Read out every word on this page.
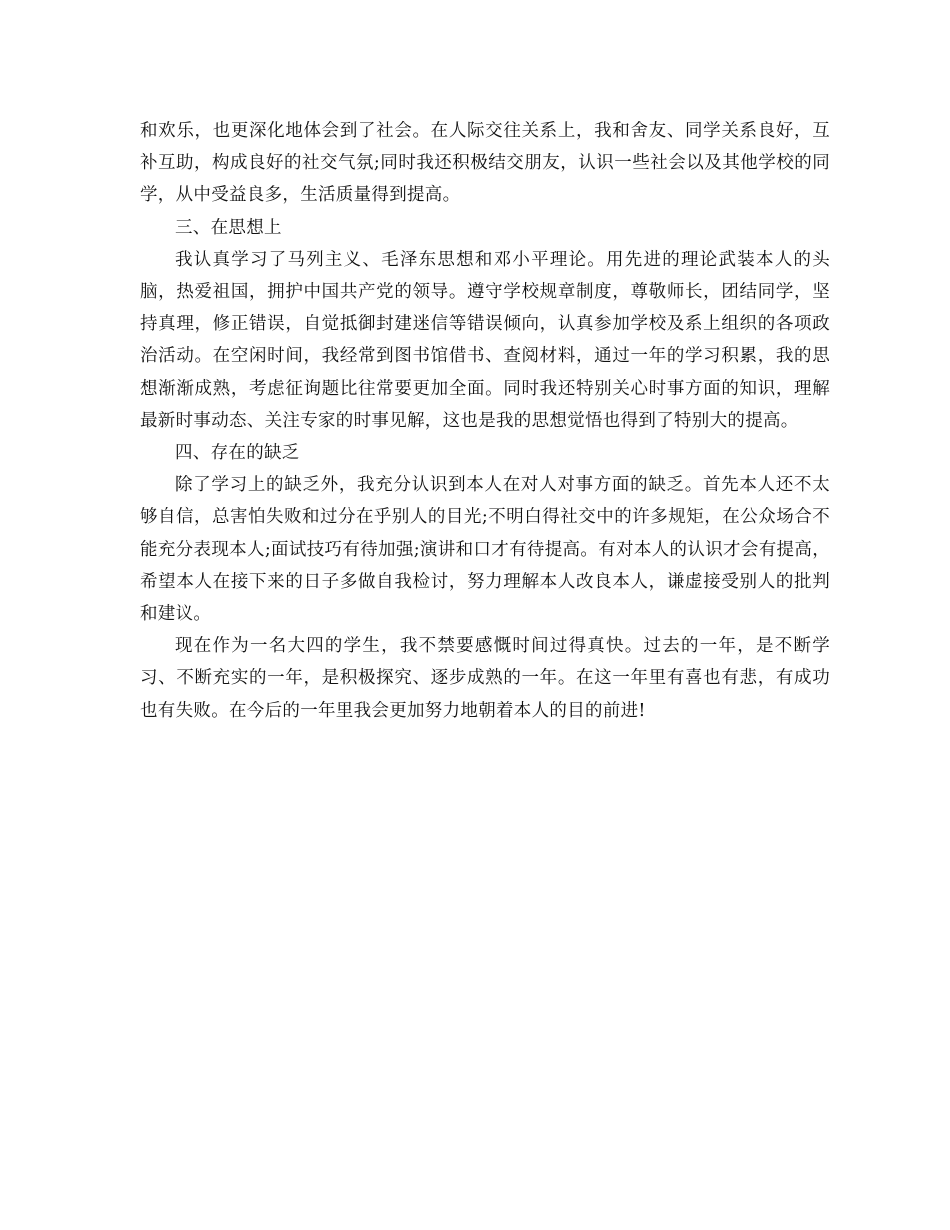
和欢乐，也更深化地体会到了社会。在人际交往关系上，我和舍友、同学关系良好，互补互助，构成良好的社交气氛;同时我还积极结交朋友，认识一些社会以及其他学校的同学，从中受益良多，生活质量得到提高。

三、在思想上

我认真学习了马列主义、毛泽东思想和邓小平理论。用先进的理论武装本人的头脑，热爱祖国，拥护中国共产党的领导。遵守学校规章制度，尊敬师长，团结同学，坚持真理，修正错误，自觉抵御封建迷信等错误倾向，认真参加学校及系上组织的各项政治活动。在空闲时间，我经常到图书馆借书、查阅材料，通过一年的学习积累，我的思想渐渐成熟，考虑征询题比往常要更加全面。同时我还特别关心时事方面的知识，理解最新时事动态、关注专家的时事见解，这也是我的思想觉悟也得到了特别大的提高。

四、存在的缺乏

除了学习上的缺乏外，我充分认识到本人在对人对事方面的缺乏。首先本人还不太够自信，总害怕失败和过分在乎别人的目光;不明白得社交中的许多规矩，在公众场合不能充分表现本人;面试技巧有待加强;演讲和口才有待提高。有对本人的认识才会有提高，希望本人在接下来的日子多做自我检讨，努力理解本人改良本人，谦虚接受别人的批判和建议。

现在作为一名大四的学生，我不禁要感慨时间过得真快。过去的一年，是不断学习、不断充实的一年，是积极探究、逐步成熟的一年。在这一年里有喜也有悲，有成功也有失败。在今后的一年里我会更加努力地朝着本人的目的前进!
